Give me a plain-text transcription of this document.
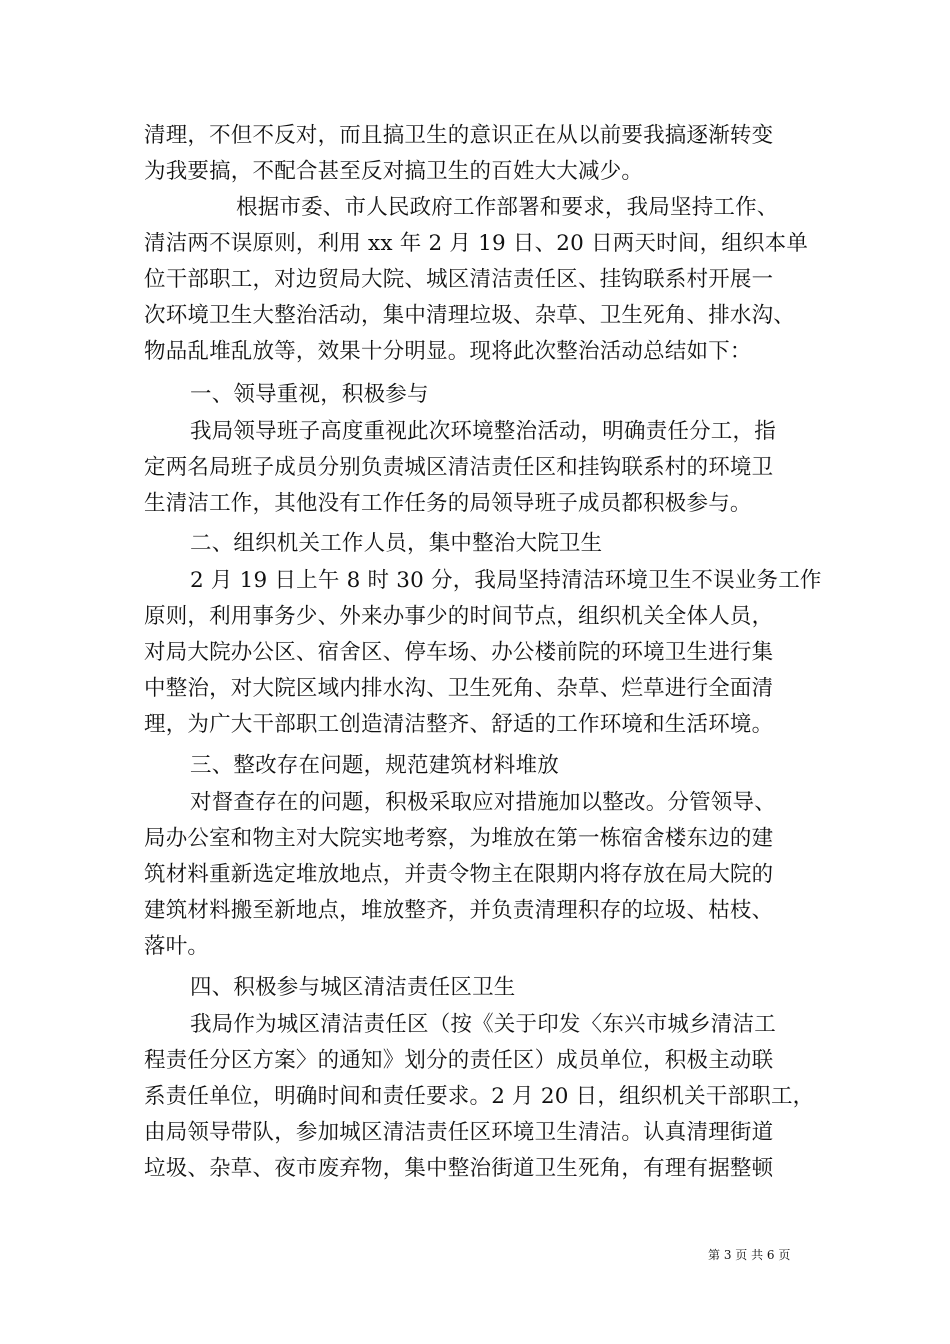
清理，不但不反对，而且搞卫生的意识正在从以前要我搞逐渐转变
为我要搞，不配合甚至反对搞卫生的百姓大大减少。
根据市委、市人民政府工作部署和要求，我局坚持工作、
清洁两不误原则，利用 xx 年 2 月 19 日、20 日两天时间，组织本单
位干部职工，对边贸局大院、城区清洁责任区、挂钩联系村开展一
次环境卫生大整治活动，集中清理垃圾、杂草、卫生死角、排水沟、
物品乱堆乱放等，效果十分明显。现将此次整治活动总结如下：
一、领导重视，积极参与
我局领导班子高度重视此次环境整治活动，明确责任分工，指
定两名局班子成员分别负责城区清洁责任区和挂钩联系村的环境卫
生清洁工作，其他没有工作任务的局领导班子成员都积极参与。
二、组织机关工作人员，集中整治大院卫生
2 月 19 日上午 8 时 30 分，我局坚持清洁环境卫生不误业务工作
原则，利用事务少、外来办事少的时间节点，组织机关全体人员，
对局大院办公区、宿舍区、停车场、办公楼前院的环境卫生进行集
中整治，对大院区域内排水沟、卫生死角、杂草、烂草进行全面清
理，为广大干部职工创造清洁整齐、舒适的工作环境和生活环境。
三、整改存在问题，规范建筑材料堆放
对督查存在的问题，积极采取应对措施加以整改。分管领导、
局办公室和物主对大院实地考察，为堆放在第一栋宿舍楼东边的建
筑材料重新选定堆放地点，并责令物主在限期内将存放在局大院的
建筑材料搬至新地点，堆放整齐，并负责清理积存的垃圾、枯枝、
落叶。
四、积极参与城区清洁责任区卫生
我局作为城区清洁责任区（按《关于印发〈东兴市城乡清洁工
程责任分区方案〉的通知》划分的责任区）成员单位，积极主动联
系责任单位，明确时间和责任要求。2 月 20 日，组织机关干部职工，
由局领导带队，参加城区清洁责任区环境卫生清洁。认真清理街道
垃圾、杂草、夜市废弃物，集中整治街道卫生死角，有理有据整顿
第 3 页 共 6 页
